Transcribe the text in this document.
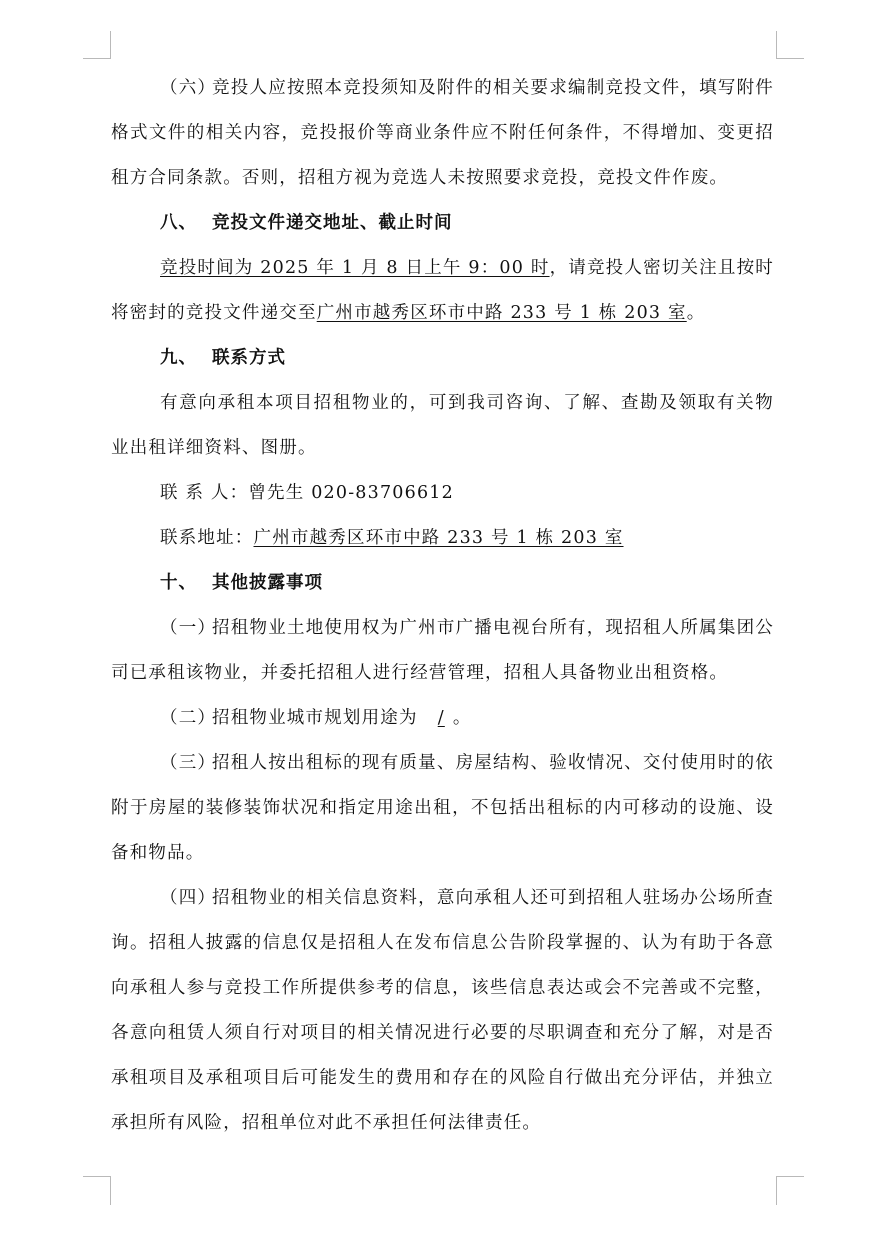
（六）竞投人应按照本竞投须知及附件的相关要求编制竞投文件，填写附件格式文件的相关内容，竞投报价等商业条件应不附任何条件，不得增加、变更招租方合同条款。否则，招租方视为竞选人未按照要求竞投，竞投文件作废。

八、 竞投文件递交地址、截止时间

竞投时间为 2025 年 1 月 8 日上午 9：00 时，请竞投人密切关注且按时将密封的竞投文件递交至广州市越秀区环市中路 233 号 1 栋 203 室。

九、 联系方式

有意向承租本项目招租物业的，可到我司咨询、了解、查勘及领取有关物业出租详细资料、图册。

联 系 人：曾先生 020-83706612

联系地址：广州市越秀区环市中路 233 号 1 栋 203 室

十、 其他披露事项

（一）招租物业土地使用权为广州市广播电视台所有，现招租人所属集团公司已承租该物业，并委托招租人进行经营管理，招租人具备物业出租资格。

（二）招租物业城市规划用途为 / 。

（三）招租人按出租标的现有质量、房屋结构、验收情况、交付使用时的依附于房屋的装修装饰状况和指定用途出租，不包括出租标的内可移动的设施、设备和物品。

（四）招租物业的相关信息资料，意向承租人还可到招租人驻场办公场所查询。招租人披露的信息仅是招租人在发布信息公告阶段掌握的、认为有助于各意向承租人参与竞投工作所提供参考的信息，该些信息表达或会不完善或不完整，各意向租赁人须自行对项目的相关情况进行必要的尽职调查和充分了解，对是否承租项目及承租项目后可能发生的费用和存在的风险自行做出充分评估，并独立承担所有风险，招租单位对此不承担任何法律责任。
